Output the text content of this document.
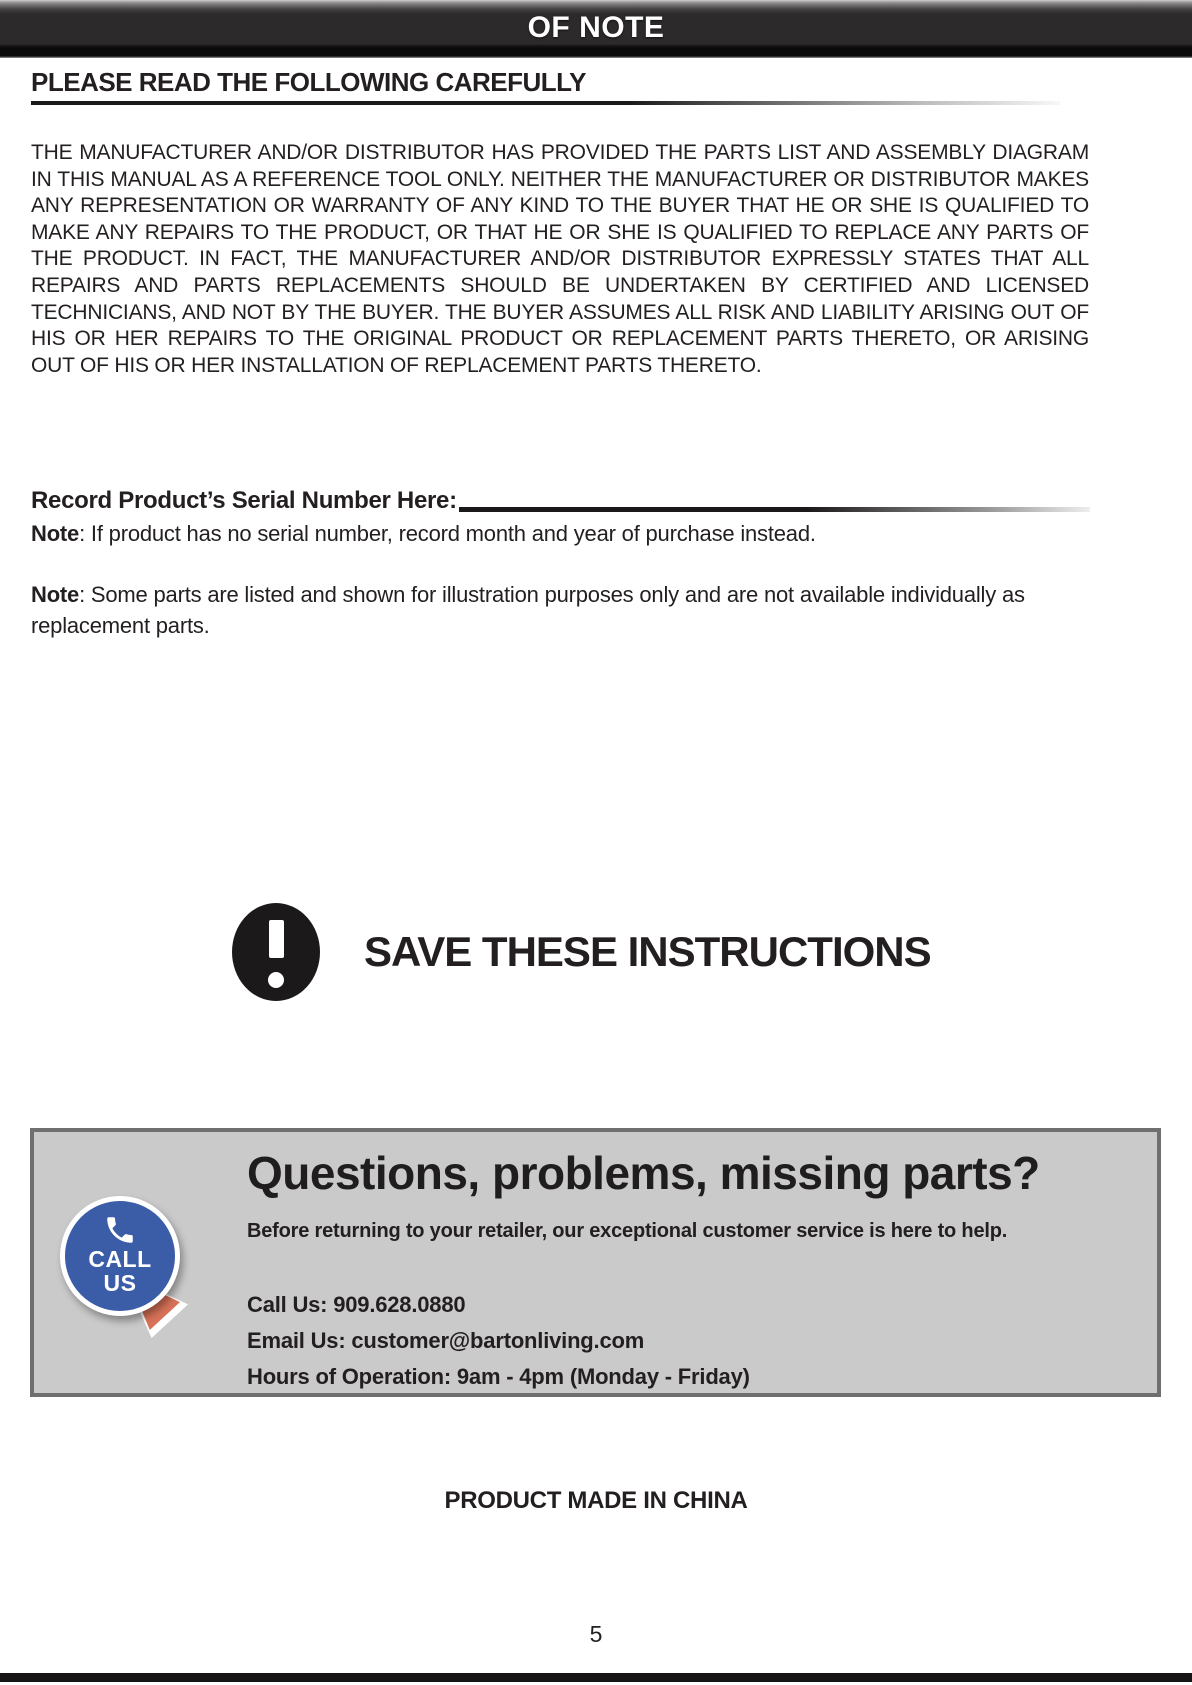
OF NOTE
PLEASE READ THE FOLLOWING CAREFULLY

THE MANUFACTURER AND/OR DISTRIBUTOR HAS PROVIDED THE PARTS LIST AND ASSEMBLY DIAGRAM IN THIS MANUAL AS A REFERENCE TOOL ONLY. NEITHER THE MANUFACTURER OR DISTRIBUTOR MAKES ANY REPRESENTATION OR WARRANTY OF ANY KIND TO THE BUYER THAT HE OR SHE IS QUALIFIED TO MAKE ANY REPAIRS TO THE PRODUCT, OR THAT HE OR SHE IS QUALIFIED TO REPLACE ANY PARTS OF THE PRODUCT. IN FACT, THE MANUFACTURER AND/OR DISTRIBUTOR EXPRESSLY STATES THAT ALL REPAIRS AND PARTS REPLACEMENTS SHOULD BE UNDERTAKEN BY CERTIFIED AND LICENSED TECHNICIANS, AND NOT BY THE BUYER. THE BUYER ASSUMES ALL RISK AND LIABILITY ARISING OUT OF HIS OR HER REPAIRS TO THE ORIGINAL PRODUCT OR REPLACEMENT PARTS THERETO, OR ARISING OUT OF HIS OR HER INSTALLATION OF REPLACEMENT PARTS THERETO.

Record Product’s Serial Number Here:

Note: If product has no serial number, record month and year of purchase instead.

Note: Some parts are listed and shown for illustration purposes only and are not available individually as replacement parts.

SAVE THESE INSTRUCTIONS
CALL
US
Questions, problems, missing parts?
Before returning to your retailer, our exceptional customer service is here to help.
Call Us: 909.628.0880
Email Us: customer@bartonliving.com
Hours of Operation: 9am - 4pm (Monday - Friday)
PRODUCT MADE IN CHINA
5
